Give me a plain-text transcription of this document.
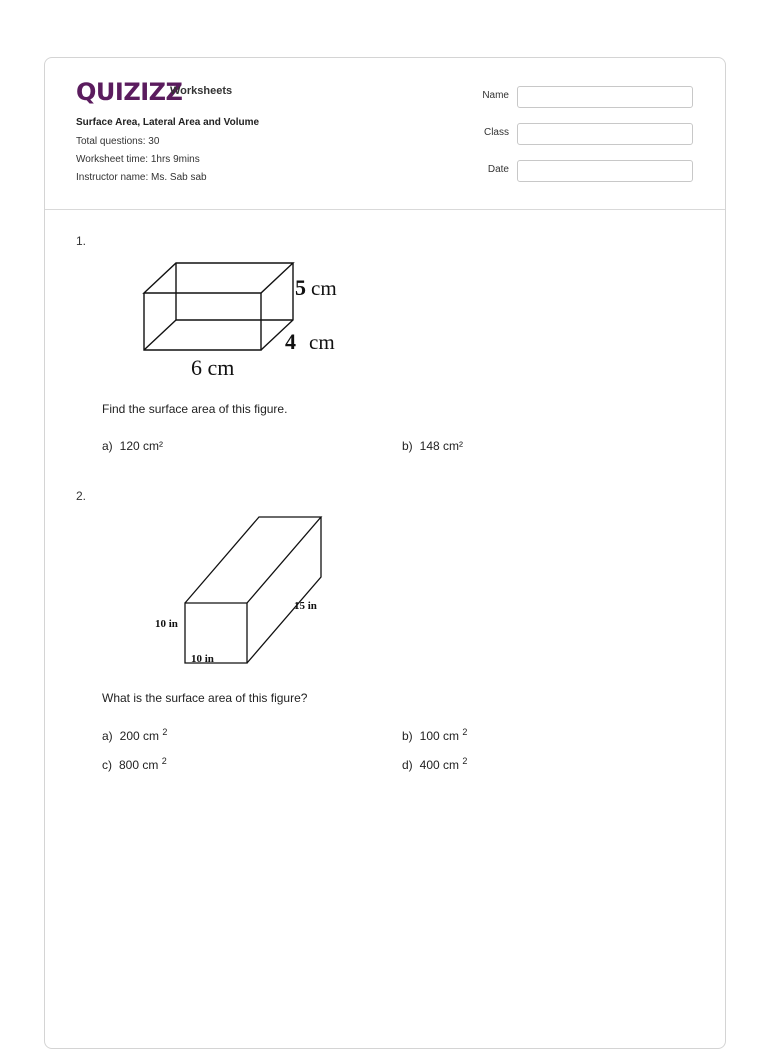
QUIZIZZ
Worksheets
Surface Area, Lateral Area and Volume
Total questions: 30
Worksheet time: 1hrs 9mins
Instructor name: Ms. Sab sab
Name
Class
Date
1.
5 cm
4 cm
6 cm
Find the surface area of this figure.
a) 120 cm²	b) 148 cm²
2.
15 in
10 in
10 in
What is the surface area of this figure?
a) 200 cm $^2$	b) 100 cm $^2$
c) 800 cm $^2$	d) 400 cm $^2$
